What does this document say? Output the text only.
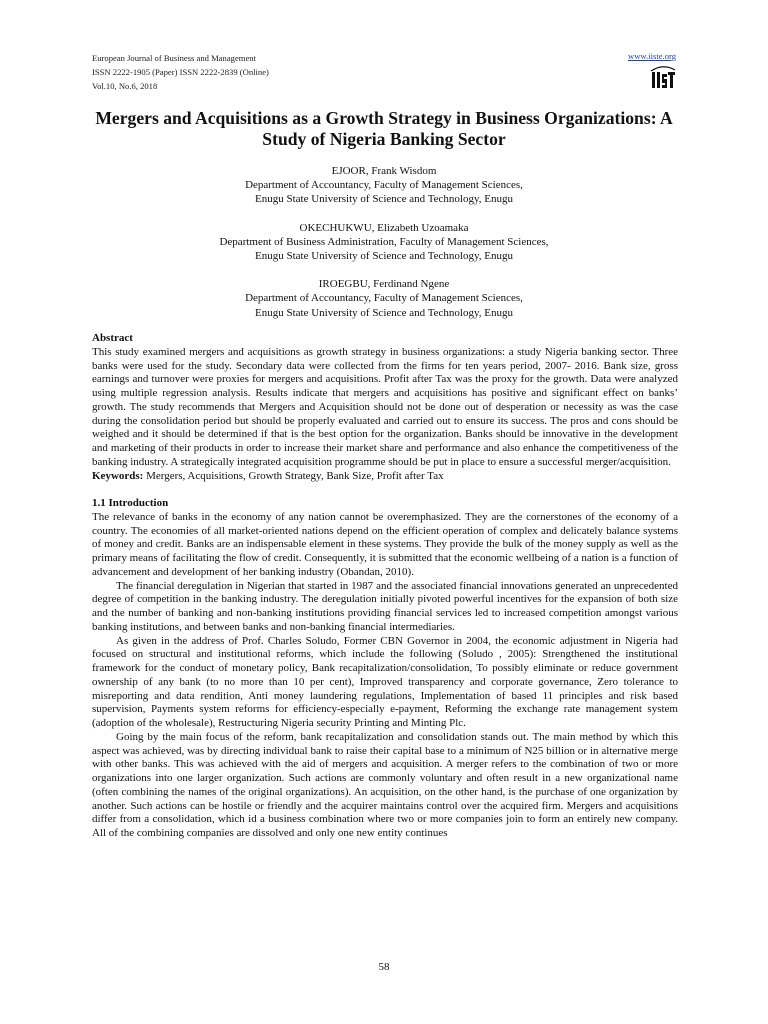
European Journal of Business and Management
ISSN 2222-1905 (Paper) ISSN 2222-2839 (Online)
Vol.10, No.6, 2018
www.iiste.org
Mergers and Acquisitions as a Growth Strategy in Business Organizations: A Study of Nigeria Banking Sector
EJOOR, Frank Wisdom
Department of Accountancy, Faculty of Management Sciences,
Enugu State University of Science and Technology, Enugu
OKECHUKWU, Elizabeth Uzoamaka
Department of Business Administration, Faculty of Management Sciences,
Enugu State University of Science and Technology, Enugu
IROEGBU, Ferdinand Ngene
Department of Accountancy, Faculty of Management Sciences,
Enugu State University of Science and Technology, Enugu
Abstract

This study examined mergers and acquisitions as growth strategy in business organizations: a study Nigeria banking sector. Three banks were used for the study. Secondary data were collected from the firms for ten years period, 2007- 2016. Bank size, gross earnings and turnover were proxies for mergers and acquisitions. Profit after Tax was the proxy for the growth. Data were analyzed using multiple regression analysis. Results indicate that mergers and acquisitions has positive and significant effect on banks’ growth. The study recommends that Mergers and Acquisition should not be done out of desperation or necessity as was the case during the consolidation period but should be properly evaluated and carried out to ensure its success. The pros and cons should be weighed and it should be determined if that is the best option for the organization. Banks should be innovative in the development and marketing of their products in order to increase their market share and performance and also enhance the competitiveness of the banking industry. A strategically integrated acquisition programme should be put in place to ensure a successful merger/acquisition.

Keywords: Mergers, Acquisitions, Growth Strategy, Bank Size, Profit after Tax

1.1 Introduction

The relevance of banks in the economy of any nation cannot be overemphasized. They are the cornerstones of the economy of a country. The economies of all market-oriented nations depend on the efficient operation of complex and delicately balance systems of money and credit. Banks are an indispensable element in these systems. They provide the bulk of the money supply as well as the primary means of facilitating the flow of credit. Consequently, it is submitted that the economic wellbeing of a nation is a function of advancement and development of her banking industry (Obandan, 2010).

The financial deregulation in Nigerian that started in 1987 and the associated financial innovations generated an unprecedented degree of competition in the banking industry. The deregulation initially pivoted powerful incentives for the expansion of both size and the number of banking and non-banking institutions providing financial services led to increased competition amongst various banking institutions, and between banks and non-banking financial intermediaries.

As given in the address of Prof. Charles Soludo, Former CBN Governor in 2004, the economic adjustment in Nigeria had focused on structural and institutional reforms, which include the following (Soludo , 2005): Strengthened the institutional framework for the conduct of monetary policy, Bank recapitalization/consolidation, To possibly eliminate or reduce government ownership of any bank (to no more than 10 per cent), Improved transparency and corporate governance, Zero tolerance to misreporting and data rendition, Anti money laundering regulations, Implementation of based 11 principles and risk based supervision, Payments system reforms for efficiency-especially e-payment, Reforming the exchange rate management system (adoption of the wholesale), Restructuring Nigeria security Printing and Minting Plc.

Going by the main focus of the reform, bank recapitalization and consolidation stands out. The main method by which this aspect was achieved, was by directing individual bank to raise their capital base to a minimum of N25 billion or in alternative merge with other banks. This was achieved with the aid of mergers and acquisition. A merger refers to the combination of two or more organizations into one larger organization. Such actions are commonly voluntary and often result in a new organizational name (often combining the names of the original organizations). An acquisition, on the other hand, is the purchase of one organization by another. Such actions can be hostile or friendly and the acquirer maintains control over the acquired firm. Mergers and acquisitions differ from a consolidation, which id a business combination where two or more companies join to form an entirely new company. All of the combining companies are dissolved and only one new entity continues

58
